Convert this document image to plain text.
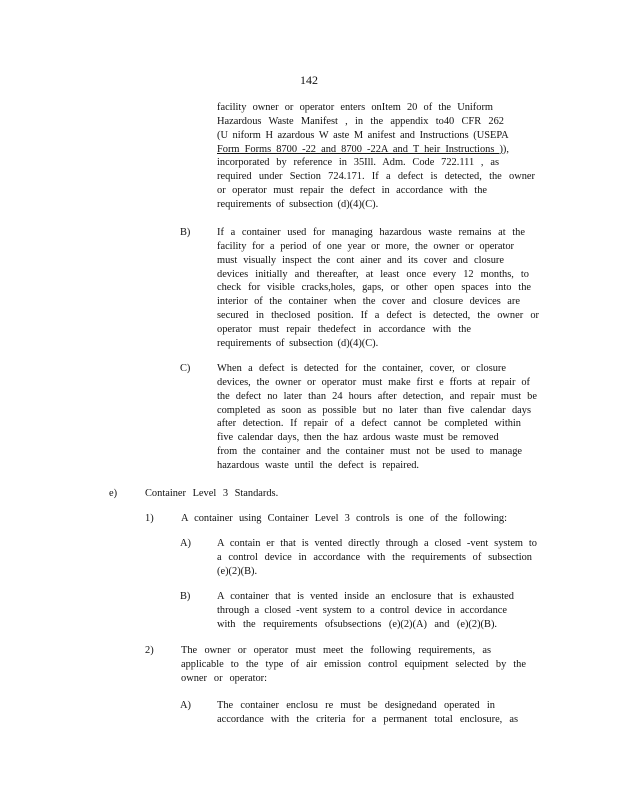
142
facility owner or operator enters onItem 20 of the Uniform
Hazardous Waste Manifest , in the appendix to40 CFR 262
(U niform H azardous W aste M anifest and Instructions (USEPA
Form Forms 8700 -22 and 8700 -22A and T heir Instructions )),
incorporated by reference in 35Ill. Adm. Code 722.111 , as
required under Section 724.171. If a defect is detected, the owner
or operator must repair the defect in accordance with the
requirements of subsection (d)(4)(C).
B)	If a container used for managing hazardous waste remains at the
facility for a period of one year or more, the owner or operator
must visually inspect the cont ainer and its cover and closure
devices initially and thereafter, at least once every 12 months, to
check for visible cracks,holes, gaps, or other open spaces into the
interior of the container when the cover and closure devices are
secured in theclosed position. If a defect is detected, the owner or
operator must repair thedefect in accordance with the
requirements of subsection (d)(4)(C).
C)	When a defect is detected for the container, cover, or closure
devices, the owner or operator must make first e fforts at repair of
the defect no later than 24 hours after detection, and repair must be
completed as soon as possible but no later than five calendar days
after detection. If repair of a defect cannot be completed within
five calendar days, then the haz ardous waste must be removed
from the container and the container must not be used to manage
hazardous waste until the defect is repaired.
e)	Container Level 3 Standards.
1)	A container using Container Level 3 controls is one of the following:
A)	A contain er that is vented directly through a closed -vent system to
a control device in accordance with the requirements of subsection
(e)(2)(B).
B)	A container that is vented inside an enclosure that is exhausted
through a closed -vent system to a control device in accordance
with the requirements ofsubsections (e)(2)(A) and (e)(2)(B).
2)	The owner or operator must meet the following requirements, as
applicable to the type of air emission control equipment selected by the
owner or operator:
A)	The container enclosu re must be designedand operated in
accordance with the criteria for a permanent total enclosure, as
